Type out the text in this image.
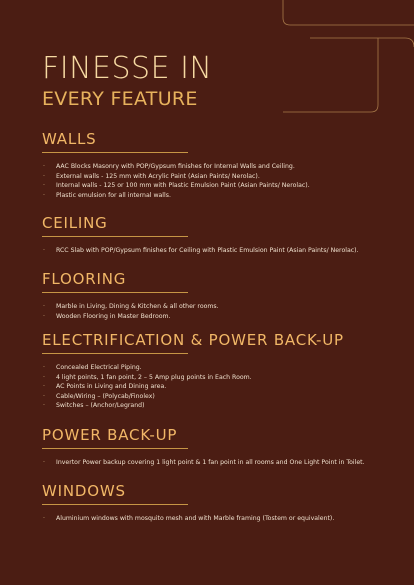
FINESSE IN
EVERY FEATURE
WALLS
· AAC Blocks Masonry with POP/Gypsum finishes for Internal Walls and Ceiling.
· External walls - 125 mm with Acrylic Paint (Asian Paints/ Nerolac).
· Internal walls - 125 or 100 mm with Plastic Emulsion Paint (Asian Paints/ Nerolac).
· Plastic emulsion for all internal walls.
CEILING
· RCC Slab with POP/Gypsum finishes for Ceiling with Plastic Emulsion Paint (Asian Paints/ Nerolac).
FLOORING
· Marble in Living, Dining & Kitchen & all other rooms.
· Wooden Flooring in Master Bedroom.
ELECTRIFICATION & POWER BACK-UP
· Concealed Electrical Piping.
· 4 light points, 1 fan point, 2 – 5 Amp plug points in Each Room.
· AC Points in Living and Dining area.
· Cable/Wiring – (Polycab/Finolex)
· Switches – (Anchor/Legrand)
POWER BACK-UP
· Invertor Power backup covering 1 light point & 1 fan point in all rooms and One Light Point in Toilet.
WINDOWS
· Aluminium windows with mosquito mesh and with Marble framing (Tostem or equivalent).
